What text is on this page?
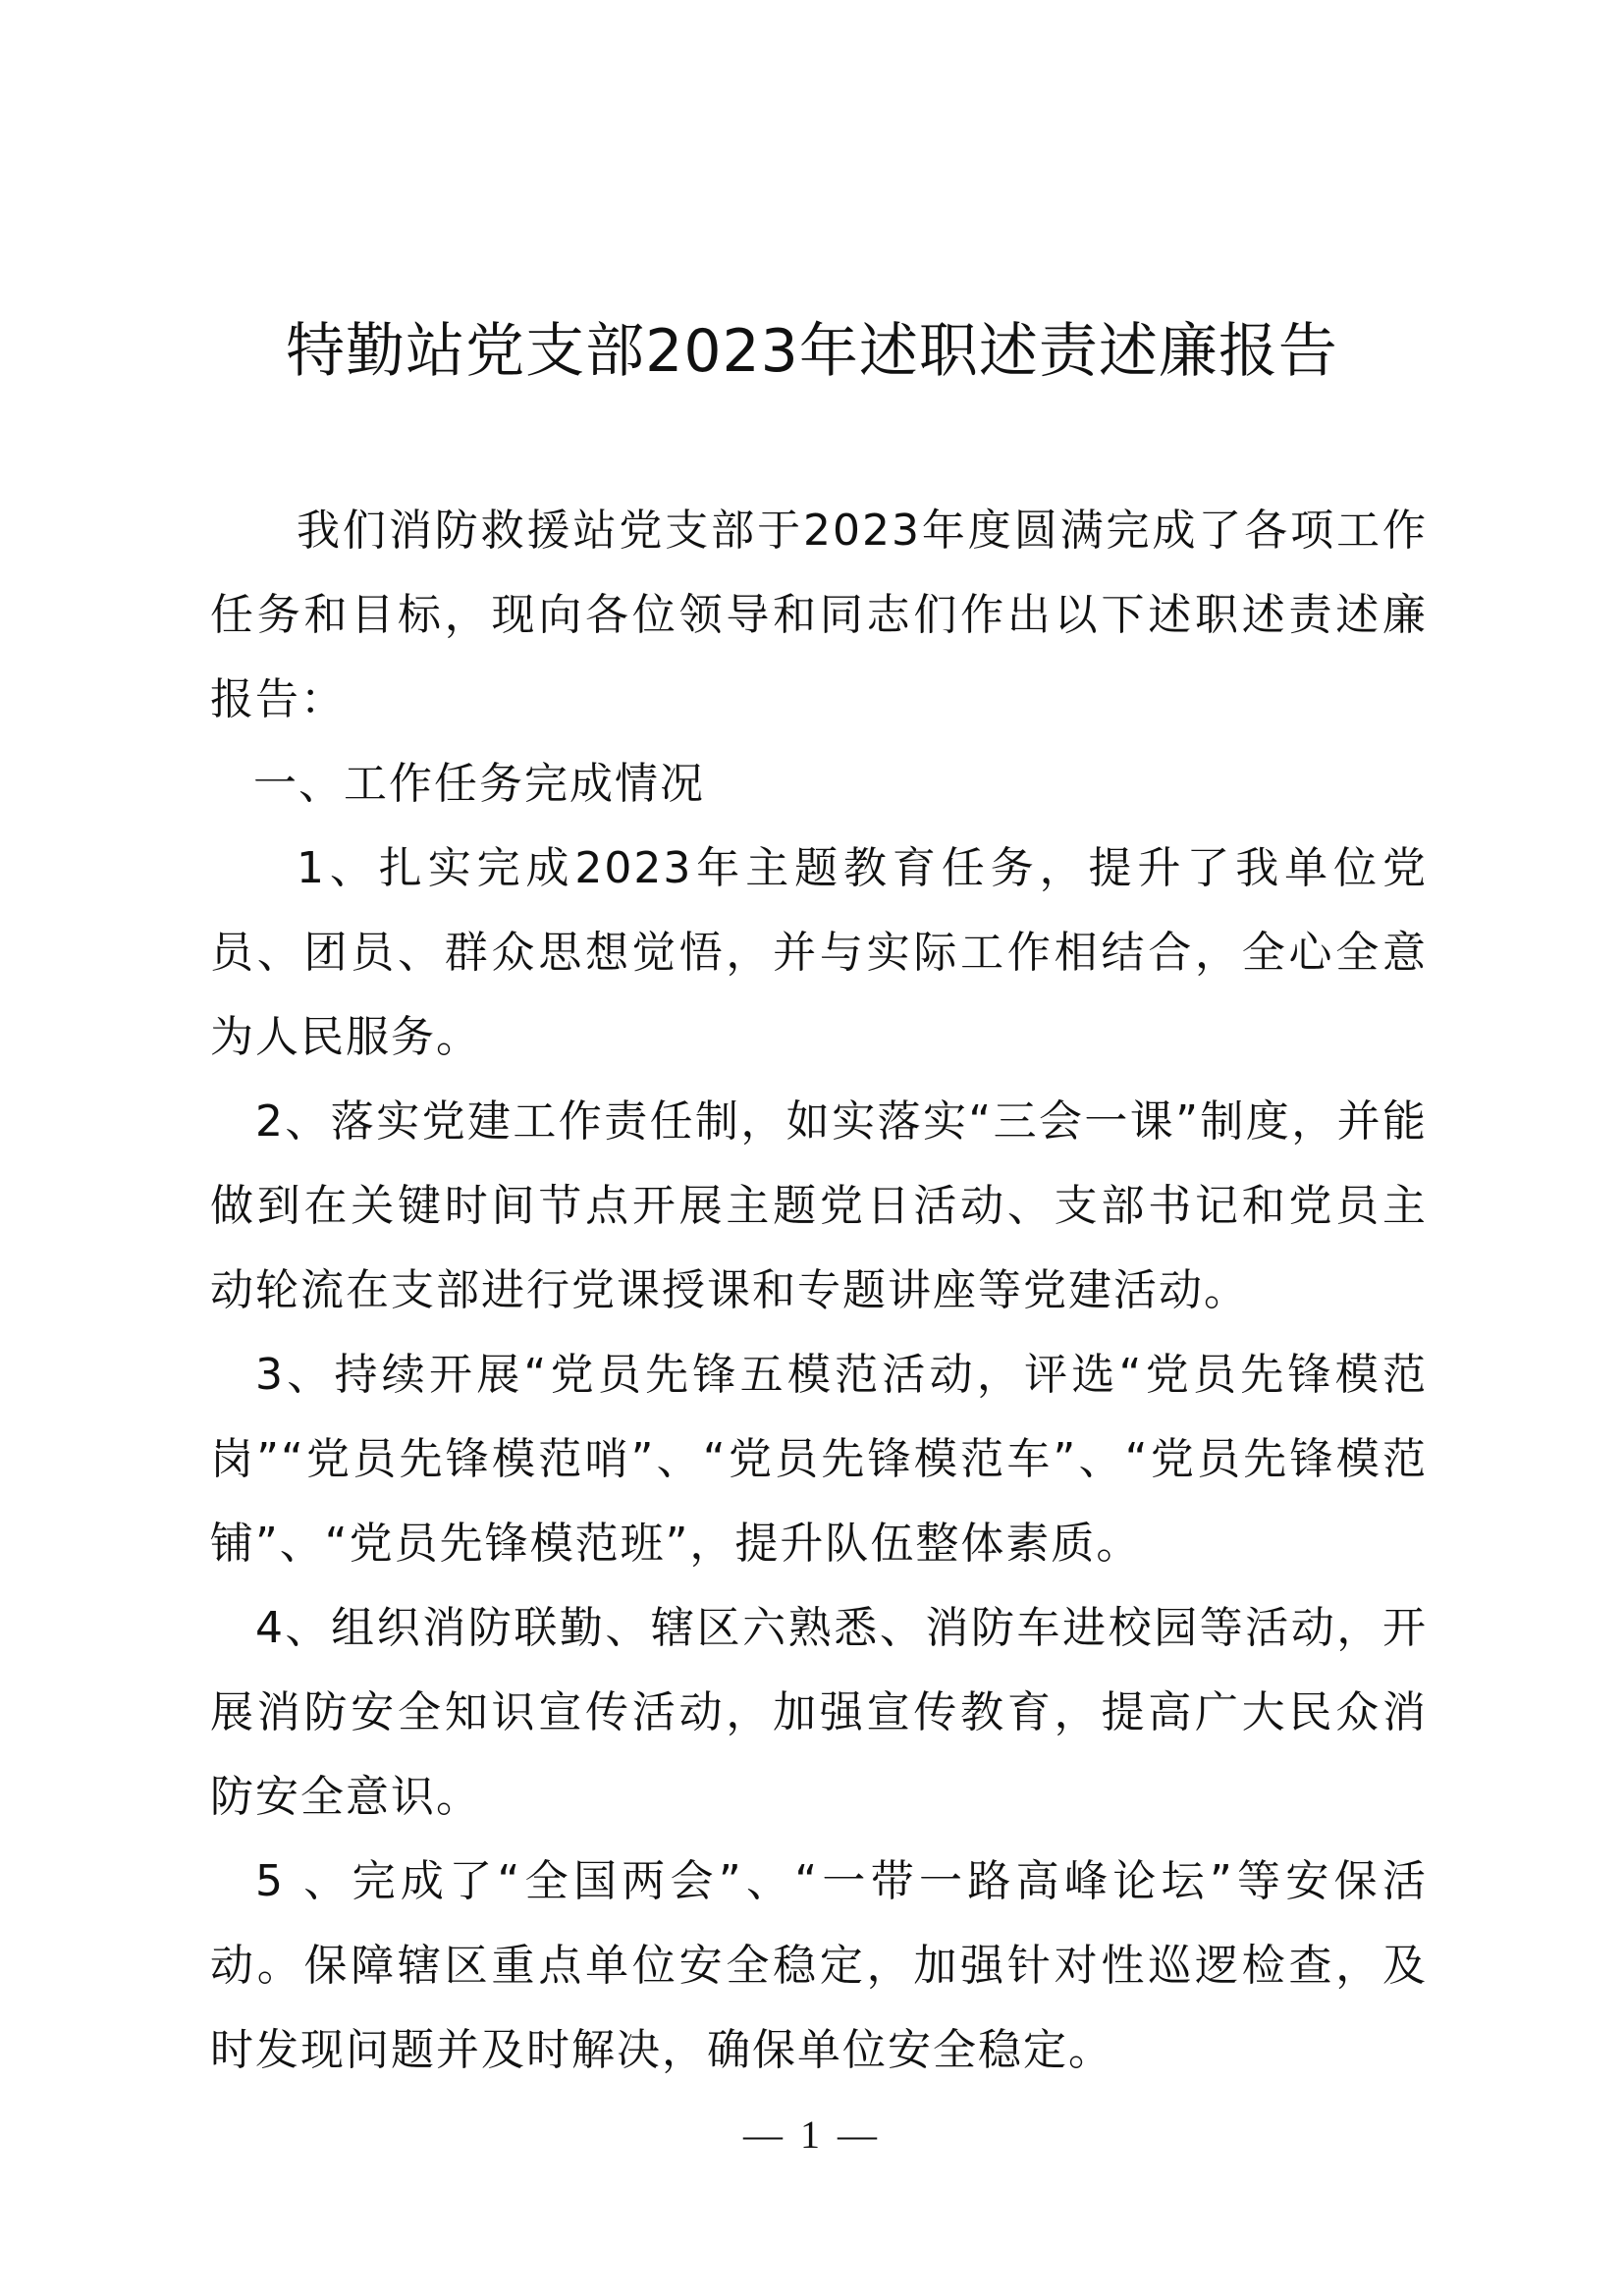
特勤站党支部2023年述职述责述廉报告

我们消防救援站党支部于2023年度圆满完成了各项工作任务和目标，现向各位领导和同志们作出以下述职述责述廉报告：

一、工作任务完成情况

1、扎实完成2023年主题教育任务，提升了我单位党员、团员、群众思想觉悟，并与实际工作相结合，全心全意为人民服务。

2、落实党建工作责任制，如实落实“三会一课”制度，并能做到在关键时间节点开展主题党日活动、支部书记和党员主动轮流在支部进行党课授课和专题讲座等党建活动。

3、持续开展“党员先锋五模范活动，评选“党员先锋模范岗”“党员先锋模范哨”、“党员先锋模范车”、“党员先锋模范铺”、“党员先锋模范班”，提升队伍整体素质。

4、组织消防联勤、辖区六熟悉、消防车进校园等活动，开展消防安全知识宣传活动，加强宣传教育，提高广大民众消防安全意识。

5 、完成了“全国两会”、“一带一路高峰论坛”等安保活动。保障辖区重点单位安全稳定，加强针对性巡逻检查，及时发现问题并及时解决，确保单位安全稳定。

— 1 —
